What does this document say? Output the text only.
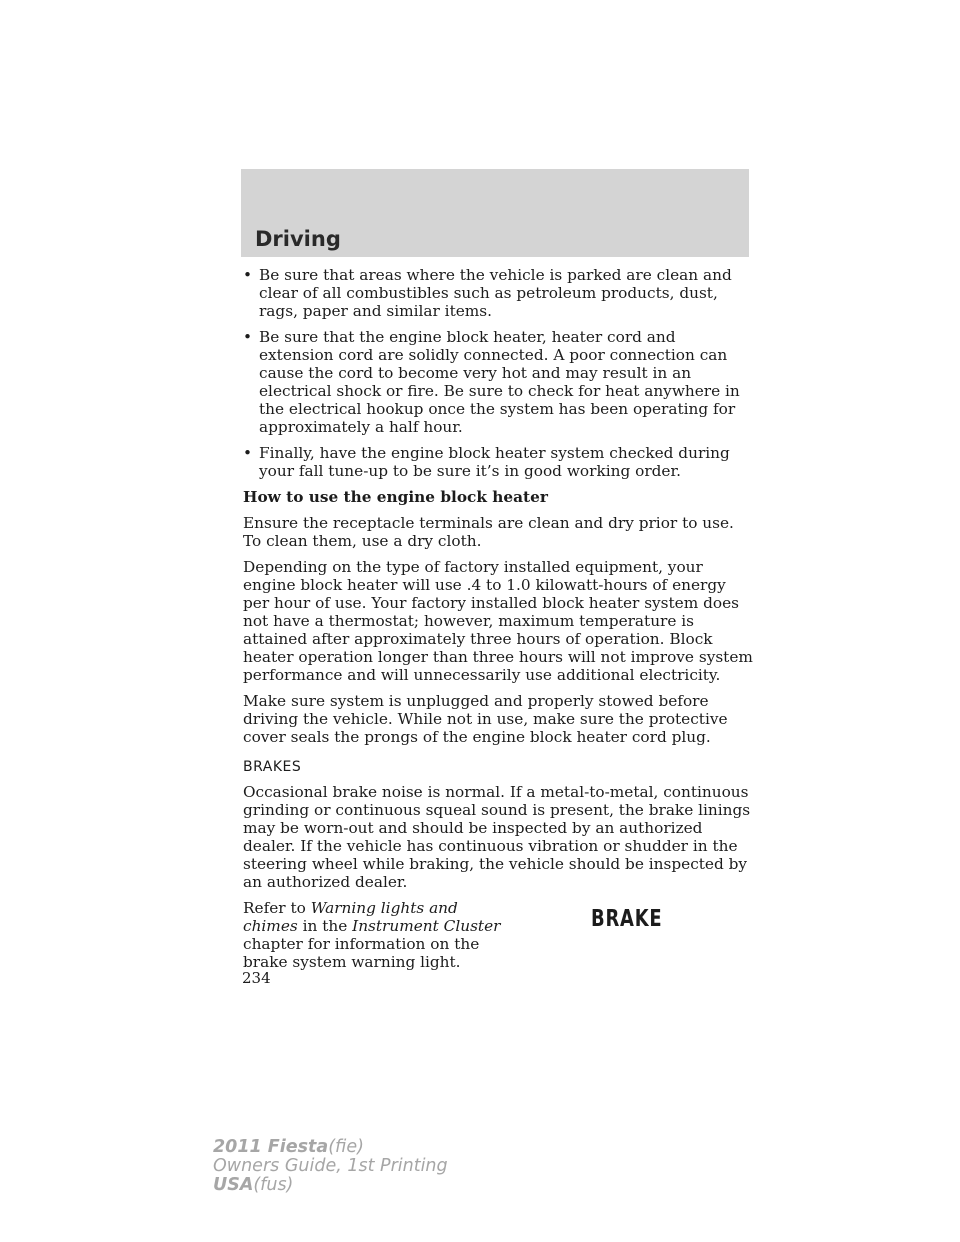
Driving
• Be sure that areas where the vehicle is parked are clean and clear of all combustibles such as petroleum products, dust, rags, paper and similar items.
• Be sure that the engine block heater, heater cord and extension cord are solidly connected. A poor connection can cause the cord to become very hot and may result in an electrical shock or fire. Be sure to check for heat anywhere in the electrical hookup once the system has been operating for approximately a half hour.
• Finally, have the engine block heater system checked during your fall tune-up to be sure it’s in good working order.
How to use the engine block heater

Ensure the receptacle terminals are clean and dry prior to use. To clean them, use a dry cloth.

Depending on the type of factory installed equipment, your engine block heater will use .4 to 1.0 kilowatt-hours of energy per hour of use. Your factory installed block heater system does not have a thermostat; however, maximum temperature is attained after approximately three hours of operation. Block heater operation longer than three hours will not improve system performance and will unnecessarily use additional electricity.

Make sure system is unplugged and properly stowed before driving the vehicle. While not in use, make sure the protective cover seals the prongs of the engine block heater cord plug.

BRAKES

Occasional brake noise is normal. If a metal-to-metal, continuous grinding or continuous squeal sound is present, the brake linings may be worn-out and should be inspected by an authorized dealer. If the vehicle has continuous vibration or shudder in the steering wheel while braking, the vehicle should be inspected by an authorized dealer.

Refer to Warning lights and chimes in the Instrument Cluster chapter for information on the brake system warning light.

BRAKE
234
2011 Fiesta(fie)
Owners Guide, 1st Printing
USA(fus)
